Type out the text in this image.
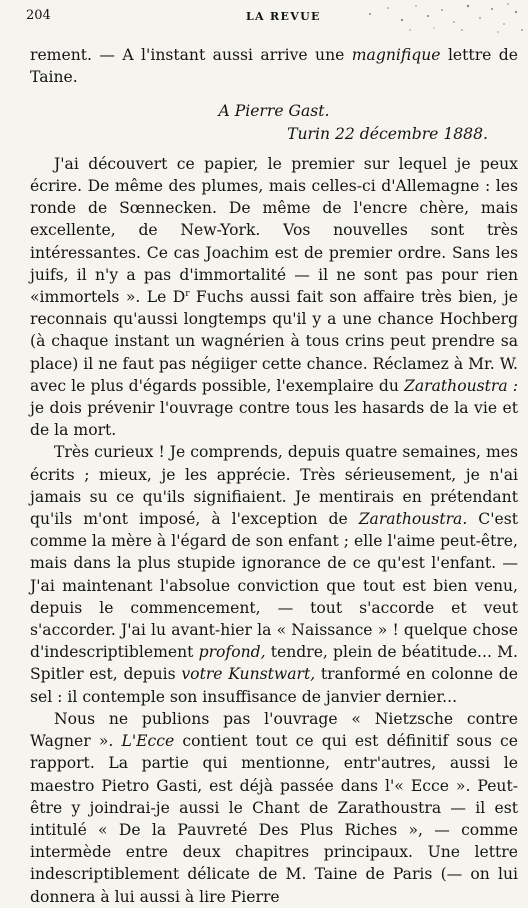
204	LA REVUE

rement. — A l'instant aussi arrive une magnifique lettre de Taine.

A Pierre Gast.

Turin 22 décembre 1888.

J'ai découvert ce papier, le premier sur lequel je peux écrire. De même des plumes, mais celles-ci d'Allemagne : les ronde de Sœnnecken. De même de l'encre chère, mais excellente, de New-York. Vos nouvelles sont très intéressantes. Ce cas Joachim est de premier ordre. Sans les juifs, il n'y a pas d'immortalité — il ne sont pas pour rien «immortels ». Le $D^r$ Fuchs aussi fait son affaire très bien, je reconnais qu'aussi longtemps qu'il y a une chance Hochberg (à chaque instant un wagnérien à tous crins peut prendre sa place) il ne faut pas négiiger cette chance. Réclamez à Mr. W. avec le plus d'égards possible, l'exemplaire du Zarathoustra : je dois prévenir l'ouvrage contre tous les hasards de la vie et de la mort.

Très curieux ! Je comprends, depuis quatre semaines, mes écrits ; mieux, je les apprécie. Très sérieusement, je n'ai jamais su ce qu'ils signifiaient. Je mentirais en prétendant qu'ils m'ont imposé, à l'exception de Zarathoustra. C'est comme la mère à l'égard de son enfant ; elle l'aime peut-être, mais dans la plus stupide ignorance de ce qu'est l'enfant. — J'ai maintenant l'absolue conviction que tout est bien venu, depuis le commencement, — tout s'accorde et veut s'accorder. J'ai lu avant-hier la « Naissance » ! quelque chose d'indescriptiblement profond, tendre, plein de béatitude... M. Spitler est, depuis votre Kunstwart, tranformé en colonne de sel : il contemple son insuffisance de janvier dernier...

Nous ne publions pas l'ouvrage « Nietzsche contre Wagner ». L'Ecce contient tout ce qui est définitif sous ce rapport. La partie qui mentionne, entr'autres, aussi le maestro Pietro Gasti, est déjà passée dans l'« Ecce ». Peut-être y joindrai-je aussi le Chant de Zarathoustra — il est intitulé « De la Pauvreté Des Plus Riches », — comme intermède entre deux chapitres principaux. Une lettre indescriptiblement délicate de M. Taine de Paris (— on lui donnera à lui aussi à lire Pierre
